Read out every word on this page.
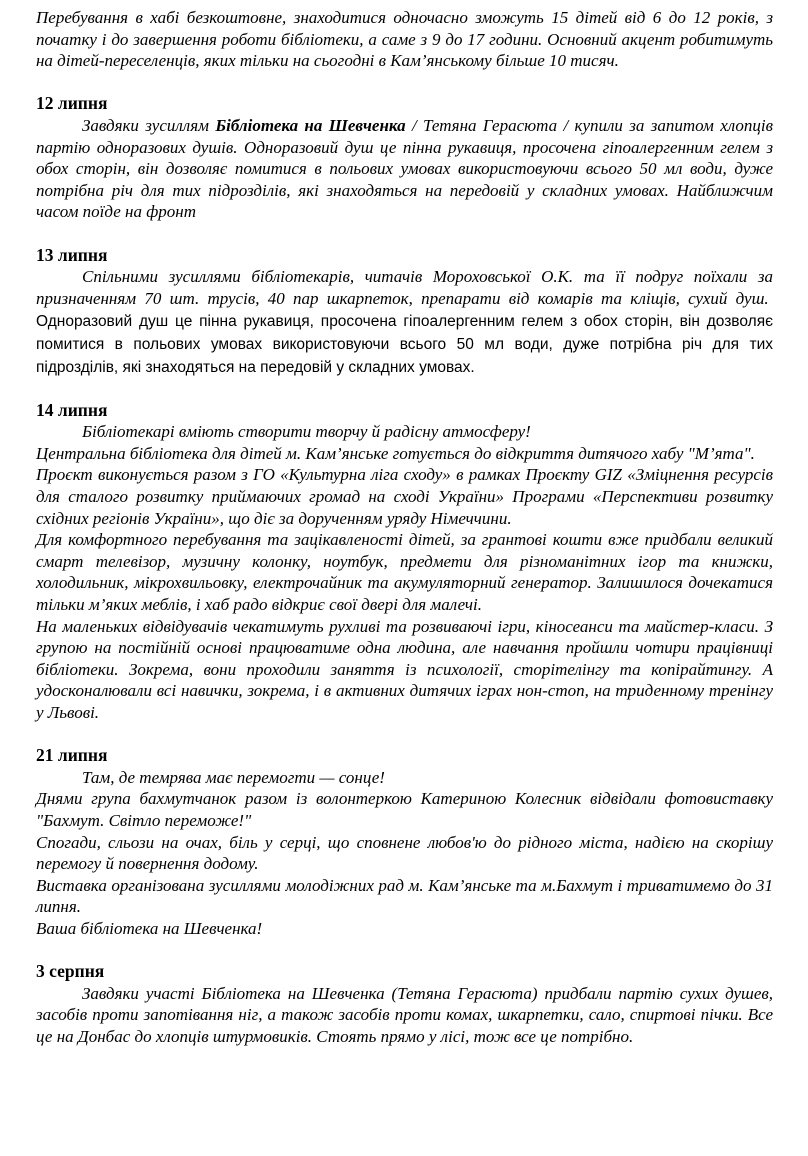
Перебування в хабі безкоштовне, знаходитися одночасно зможуть 15 дітей від 6 до 12 років, з початку і до завершення роботи бібліотеки, а саме з 9 до 17 години. Основний акцент робитимуть на дітей-переселенців, яких тільки на сьогодні в Кам’янському більше 10 тисяч.

12 липня

Завдяки зусиллям Бібліотека на Шевченка / Тетяна Герасюта / купили за запитом хлопців партію одноразових душів. Одноразовий душ це пінна рукавиця, просочена гіпоалергенним гелем з обох сторін, він дозволяє помитися в польових умовах використовуючи всього 50 мл води, дуже потрібна річ для тих підрозділів, які знаходяться на передовій у складних умовах. Найближчим часом поїде на фронт

13 липня

Спільними зусиллями бібліотекарів, читачів Мороховської О.К. та її подруг поїхали за призначенням 70 шт. трусів, 40 пар шкарпеток, препарати від комарів та кліщів, сухий душ.  Одноразовий душ це пінна рукавиця, просочена гіпоалергенним гелем з обох сторін, він дозволяє помитися в польових умовах використовуючи всього 50 мл води, дуже потрібна річ для тих підрозділів, які знаходяться на передовій у складних умовах.

14 липня

Бібліотекарі вміють створити творчу й радісну атмосферу!

Центральна бібліотека для дітей м. Кам’янське готується до відкриття дитячого хабу "М’ята".

Проєкт виконується разом з ГО «Культурна ліга сходу» в рамках Проєкту GIZ «Зміцнення ресурсів для сталого розвитку приймаючих громад на сході України» Програми «Перспективи розвитку східних регіонів України», що діє за дорученням уряду Німеччини.

Для комфортного перебування та зацікавленості дітей, за грантові кошти вже придбали великий смарт телевізор, музичну колонку, ноутбук, предмети для різноманітних ігор та книжки, холодильник, мікрохвильовку, електрочайник та акумуляторний генератор. Залишилося дочекатися тільки м’яких меблів, і хаб радо відкриє свої двері для малечі.

На маленьких відвідувачів чекатимуть рухливі та розвиваючі ігри, кіносеанси та майстер-класи. З групою на постійній основі працюватиме одна людина, але навчання пройшли чотири працівниці бібліотеки. Зокрема, вони проходили заняття із психології, сторітелінгу та копірайтингу. А удосконалювали всі навички, зокрема, і в активних дитячих іграх нон-стоп, на триденному тренінгу у Львові.

21 липня

Там, де темрява має перемогти — сонце!

Днями група бахмутчанок разом із волонтеркою Катериною Колесник відвідали фотовиставку "Бахмут. Світло переможе!"

Спогади, сльози на очах, біль у серці, що сповнене любов'ю до рідного міста, надією на скорішу перемогу й повернення додому.

Виставка організована зусиллями молодіжних рад м. Кам’янське та м.Бахмут і триватимемо до 31 липня.

Ваша бібліотека на Шевченка!

3 серпня

Завдяки участі Бібліотека на Шевченка (Тетяна Герасюта) придбали партію сухих душев, засобів проти запотівання ніг, а також засобів проти комах, шкарпетки, сало, спиртові пічки. Все це на Донбас до хлопців штурмовиків. Стоять прямо у лісі, тож все це потрібно.
